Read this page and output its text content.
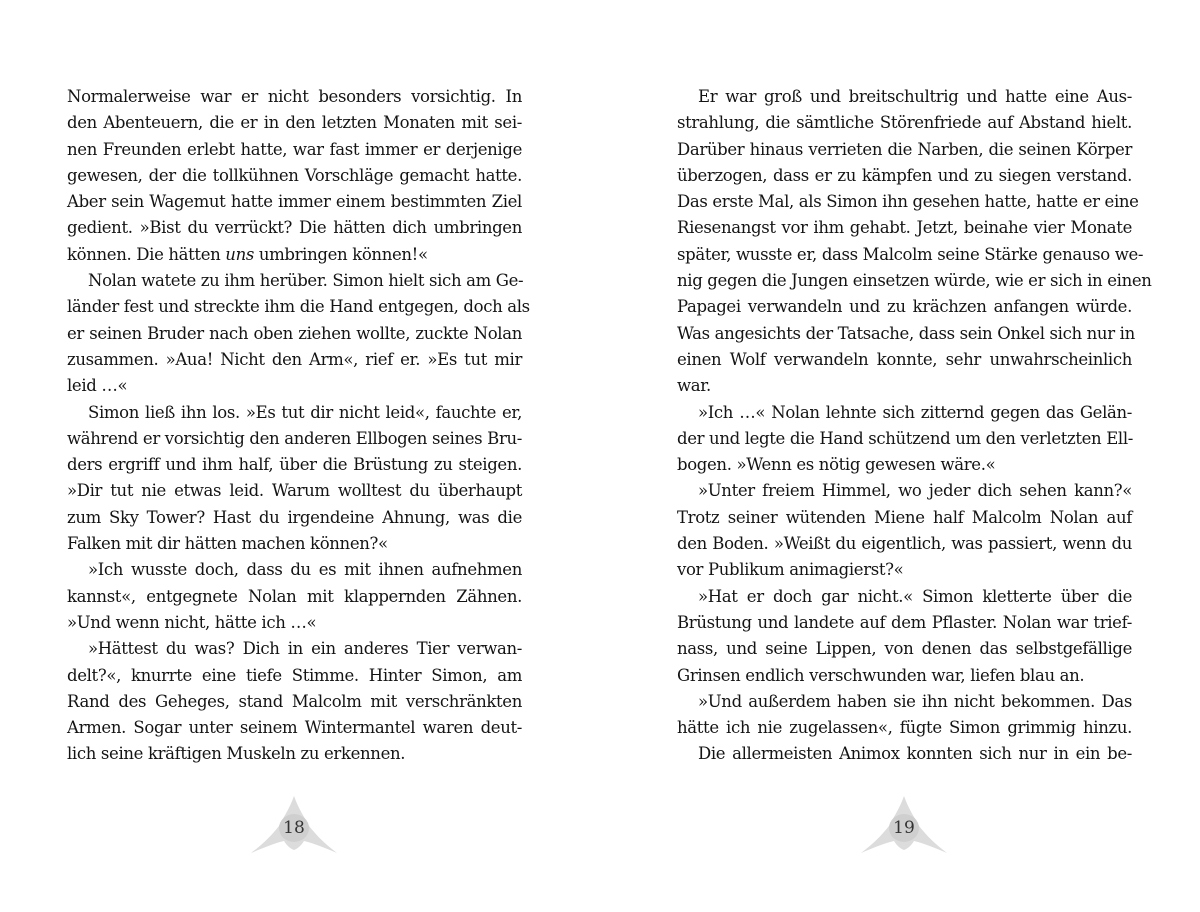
Normalerweise war er nicht besonders vorsichtig. In
den Abenteuern, die er in den letzten Monaten mit sei-
nen Freunden erlebt hatte, war fast immer er derjenige
gewesen, der die tollkühnen Vorschläge gemacht hatte.
Aber sein Wagemut hatte immer einem bestimmten Ziel
gedient. »Bist du verrückt? Die hätten dich umbringen
können. Die hätten uns umbringen können!«
Nolan watete zu ihm herüber. Simon hielt sich am Ge-
länder fest und streckte ihm die Hand entgegen, doch als
er seinen Bruder nach oben ziehen wollte, zuckte Nolan
zusammen. »Aua! Nicht den Arm«, rief er. »Es tut mir
leid …«
Simon ließ ihn los. »Es tut dir nicht leid«, fauchte er,
während er vorsichtig den anderen Ellbogen seines Bru-
ders ergriff und ihm half, über die Brüstung zu steigen.
»Dir tut nie etwas leid. Warum wolltest du überhaupt
zum Sky Tower? Hast du irgendeine Ahnung, was die
Falken mit dir hätten machen können?«
»Ich wusste doch, dass du es mit ihnen aufnehmen
kannst«, entgegnete Nolan mit klappernden Zähnen.
»Und wenn nicht, hätte ich …«
»Hättest du was? Dich in ein anderes Tier verwan-
delt?«, knurrte eine tiefe Stimme. Hinter Simon, am
Rand des Geheges, stand Malcolm mit verschränkten
Armen. Sogar unter seinem Wintermantel waren deut-
lich seine kräftigen Muskeln zu erkennen.
18
Er war groß und breitschultrig und hatte eine Aus-
strahlung, die sämtliche Störenfriede auf Abstand hielt.
Darüber hinaus verrieten die Narben, die seinen Körper
überzogen, dass er zu kämpfen und zu siegen verstand.
Das erste Mal, als Simon ihn gesehen hatte, hatte er eine
Riesenangst vor ihm gehabt. Jetzt, beinahe vier Monate
später, wusste er, dass Malcolm seine Stärke genauso we-
nig gegen die Jungen einsetzen würde, wie er sich in einen
Papagei verwandeln und zu krächzen anfangen würde.
Was angesichts der Tatsache, dass sein Onkel sich nur in
einen Wolf verwandeln konnte, sehr unwahrscheinlich
war.
»Ich …« Nolan lehnte sich zitternd gegen das Gelän-
der und legte die Hand schützend um den verletzten Ell-
bogen. »Wenn es nötig gewesen wäre.«
»Unter freiem Himmel, wo jeder dich sehen kann?«
Trotz seiner wütenden Miene half Malcolm Nolan auf
den Boden. »Weißt du eigentlich, was passiert, wenn du
vor Publikum animagierst?«
»Hat er doch gar nicht.« Simon kletterte über die
Brüstung und landete auf dem Pflaster. Nolan war trief-
nass, und seine Lippen, von denen das selbstgefällige
Grinsen endlich verschwunden war, liefen blau an.
»Und außerdem haben sie ihn nicht bekommen. Das
hätte ich nie zugelassen«, fügte Simon grimmig hinzu.
Die allermeisten Animox konnten sich nur in ein be-
19
